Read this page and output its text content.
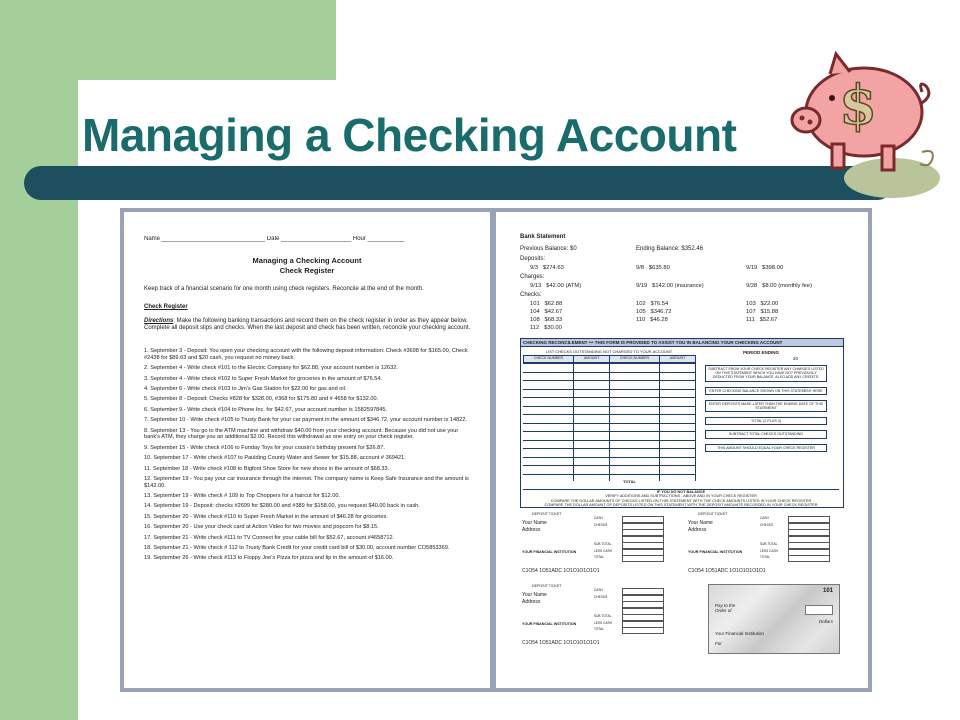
Managing a Checking Account $
Name _______________________________ Date _____________________ Hour ___________
Managing a Checking Account
Check Register
Keep track of a financial scenario for one month using check registers. Reconcile at the end of the month.
Check Register
Directions: Make the following banking transactions and record them on the check register in order as they appear below. Complete all deposit slips and checks. When the last deposit and check has been written, reconcile your checking account.
1. September 3 - Deposit: You open your checking account with the following deposit information: Check #3698 for $165.00, Check #2438 for $89.63 and $20 cash, you request no money back.
2. September 4 - Write check #101 to the Electric Company for $62.88, your account number is 12632.
3. September 4 - Write check #102 to Super Fresh Market for groceries in the amount of $76.54.
4. September 6 - Write check #103 to Jim's Gas Station for $22.00 for gas and oil.
5. September 8 - Deposit: Checks #828 for $328.00, #368 for $175.80 and # 4658 for $132.00.
6. September 9 - Write check #104 to Phone Inc. for $42.67, your account number is 1582597845.
7. September 10 - Write check #105 to Trusty Bank for your car payment in the amount of $346.72, your account number is 14822.
8. September 13 - You go to the ATM machine and withdraw $40.00 from your checking account. Because you did not use your bank's ATM, they charge you an additional $2.00. Record this withdrawal as one entry on your check register.
9. September 15 - Write check #106 to Funday Toys for your cousin's birthday present for $26.87.
10. September 17 - Write check #107 to Paulding County Water and Sewer for $15.88, account # 369421.
11. September 18 - Write check #108 to Bigfoot Shoe Store for new shoes in the amount of $68.33.
12. September 19 - You pay your car insurance through the internet. The company name is Keep Safe Insurance and the amount is $142.00.
13. September 19 - Write check # 109 to Top Choppers for a haircut for $12.00.
14. September 19 - Deposit: checks #2699 for $280.00 and #389 for $158.00, you request $40.00 back in cash.
15. September 20 - Write check #110 to Super Fresh Market in the amount of $46.28 for groceries.
16. September 20 - Use your check card at Action Video for two movies and popcorn for $8.15.
17. September 21 - Write check #111 to TV Connect for your cable bill for $52.67, account #4658712.
18. September 21 - Write check # 112 to Trusty Bank Credit for your credit card bill of $30.00, account number CO5853369.
19. September 26 - Write check #113 to Floppy Joe's Pizza for pizza and tip in the amount of $16.00.
Bank Statement
Previous Balance: $0	Ending Balance: $352.46
Deposits:
Charges:
Checks:
CHECKING RECONCILEMENT ••• THIS FORM IS PROVIDED TO ASSIST YOU IN BALANCING YOUR CHECKING ACCOUNT
LIST CHECKS OUTSTANDING NOT CHARGED TO YOUR ACCOUNT
CHECK NUMBER	AMOUNT	CHECK NUMBER	AMOUNT
TOTAL
PERIOD ENDING
20
SUBTRACT FROM YOUR CHECK REGISTER ANY CHARGES LISTED ON THIS STATEMENT WHICH YOU HAVE NOT PREVIOUSLY DEDUCTED FROM YOUR BALANCE. ALSO ADD ANY CREDITS.
ENTER CHECKING BALANCE SHOWN ON THIS STATEMENT HERE
ENTER DEPOSITS MADE LATER THAN THE ENDING DATE OF THIS STATEMENT
TOTAL (2 PLUS 3)
SUBTRACT TOTAL CHECKS OUTSTANDING
THIS AMOUNT SHOULD EQUAL YOUR CHECK REGISTER
IF YOU DO NOT BALANCE
VERIFY ADDITIONS AND SUBTRACTIONS - ABOVE AND IN YOUR CHECK REGISTER
COMPARE THE DOLLAR AMOUNTS OF CHECKS LISTED ON THIS STATEMENT WITH THE CHECK AMOUNTS LISTED IN YOUR CHECK REGISTER
COMPARE THE DOLLAR AMOUNT OF DEPOSITS LISTED ON THIS STATEMENT WITH THE DEPOSIT AMOUNTS RECORDED IN YOUR CHECK REGISTER
DEPOSIT TICKET
Your Name
Address
YOUR FINANCIAL INSTITUTION
C1O54 1O51ADC 1O1O1O1O1O1
CASH
CHECKS
SUB TOTAL
LESS CASH
TOTAL
DEPOSIT TICKET
Your Name
Address
YOUR FINANCIAL INSTITUTION
C1O54 1O51ADC 1O1O1O1O1O1
CASH
CHECKS
SUB TOTAL
LESS CASH
TOTAL
DEPOSIT TICKET
Your Name
Address
YOUR FINANCIAL INSTITUTION
C1O54 1O51ADC 1O1O1O1O1O1
CASH
CHECKS
SUB TOTAL
LESS CASH
TOTAL
101
Pay to the Order of
Dollars
Your Financial Institution
For
9/3   $274.63	9/8   $635.80	9/19   $398.00
9/13   $42.00 (ATM)	9/19   $142.00 (insurance)	9/28   $8.00 (monthly fee)
101   $62.88	102   $76.54	103   $22.00
104   $42.67	105   $346.72	107   $15.88
108   $68.33	110   $46.28	111   $52.67
112   $30.00
